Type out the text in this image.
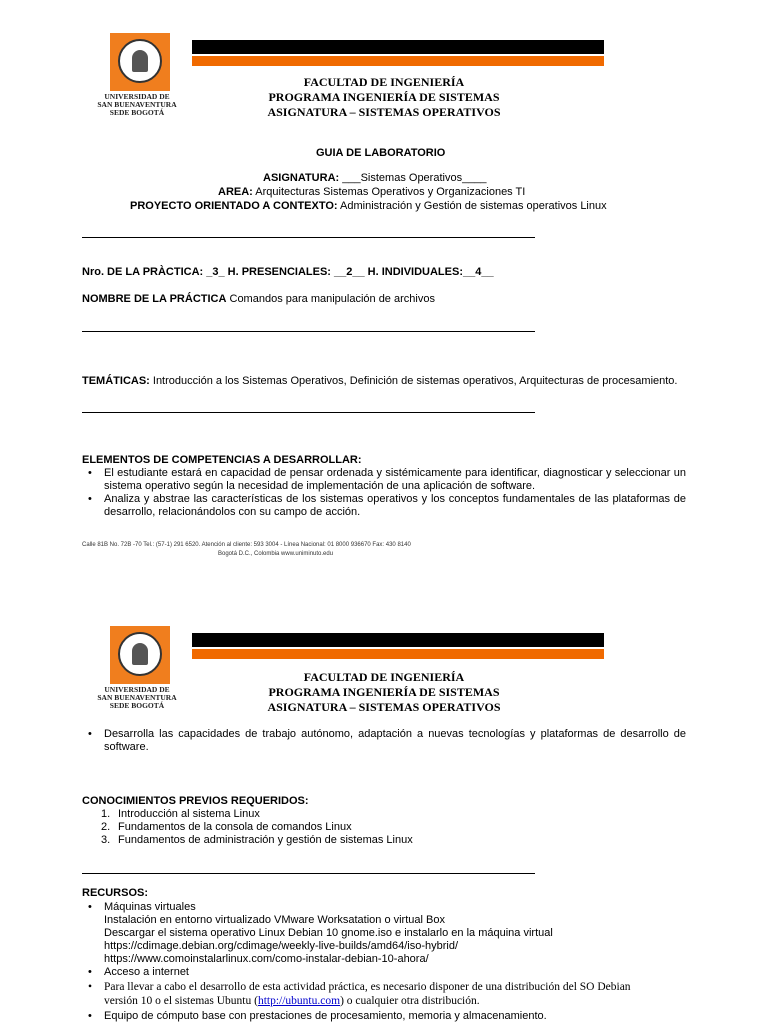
UNIVERSIDAD DE
SAN BUENAVENTURA
SEDE BOGOTÁ
FACULTAD DE INGENIERÍA
PROGRAMA INGENIERÍA DE SISTEMAS
ASIGNATURA – SISTEMAS OPERATIVOS
GUIA DE LABORATORIO
ASIGNATURA: ___Sistemas Operativos____
AREA: Arquitecturas Sistemas Operativos y Organizaciones TI
PROYECTO ORIENTADO A CONTEXTO: Administración y Gestión de sistemas operativos Linux
Nro. DE LA PRÀCTICA: _3_ H. PRESENCIALES: __2__ H. INDIVIDUALES:__4__
NOMBRE DE LA PRÁCTICA Comandos para manipulación de archivos
TEMÁTICAS: Introducción a los Sistemas Operativos, Definición de sistemas operativos, Arquitecturas de procesamiento.
ELEMENTOS DE COMPETENCIAS A DESARROLLAR:
• El estudiante estará en capacidad de pensar ordenada y sistémicamente para identificar, diagnosticar y seleccionar un sistema operativo según la necesidad de implementación de una aplicación de software.
• Analiza y abstrae las características de los sistemas operativos y los conceptos fundamentales de las plataformas de desarrollo, relacionándolos con su campo de acción.
Calle 81B No. 72B -70 Tel.: (57-1) 291 6520. Atención al cliente: 593 3004 - Línea Nacional: 01 8000 936670 Fax: 430 8140
Bogotá D.C., Colombia www.uniminuto.edu
UNIVERSIDAD DE
SAN BUENAVENTURA
SEDE BOGOTÁ
FACULTAD DE INGENIERÍA
PROGRAMA INGENIERÍA DE SISTEMAS
ASIGNATURA – SISTEMAS OPERATIVOS
• Desarrolla las capacidades de trabajo autónomo, adaptación a nuevas tecnologías y plataformas de desarrollo de software.
CONOCIMIENTOS PREVIOS REQUERIDOS:
1. Introducción al sistema Linux
2. Fundamentos de la consola de comandos Linux
3. Fundamentos de administración y gestión de sistemas Linux
RECURSOS:
• Máquinas virtuales
Instalación en entorno virtualizado VMware Worksatation o virtual Box
Descargar el sistema operativo Linux Debian 10 gnome.iso e instalarlo en la máquina virtual
https://cdimage.debian.org/cdimage/weekly-live-builds/amd64/iso-hybrid/
https://www.comoinstalarlinux.com/como-instalar-debian-10-ahora/
• Acceso a internet
• Para llevar a cabo el desarrollo de esta actividad práctica, es necesario disponer de una distribución del SO Debian
versión 10 o el sistemas Ubuntu (http://ubuntu.com) o cualquier otra distribución.
• Equipo de cómputo base con prestaciones de procesamiento, memoria y almacenamiento.
